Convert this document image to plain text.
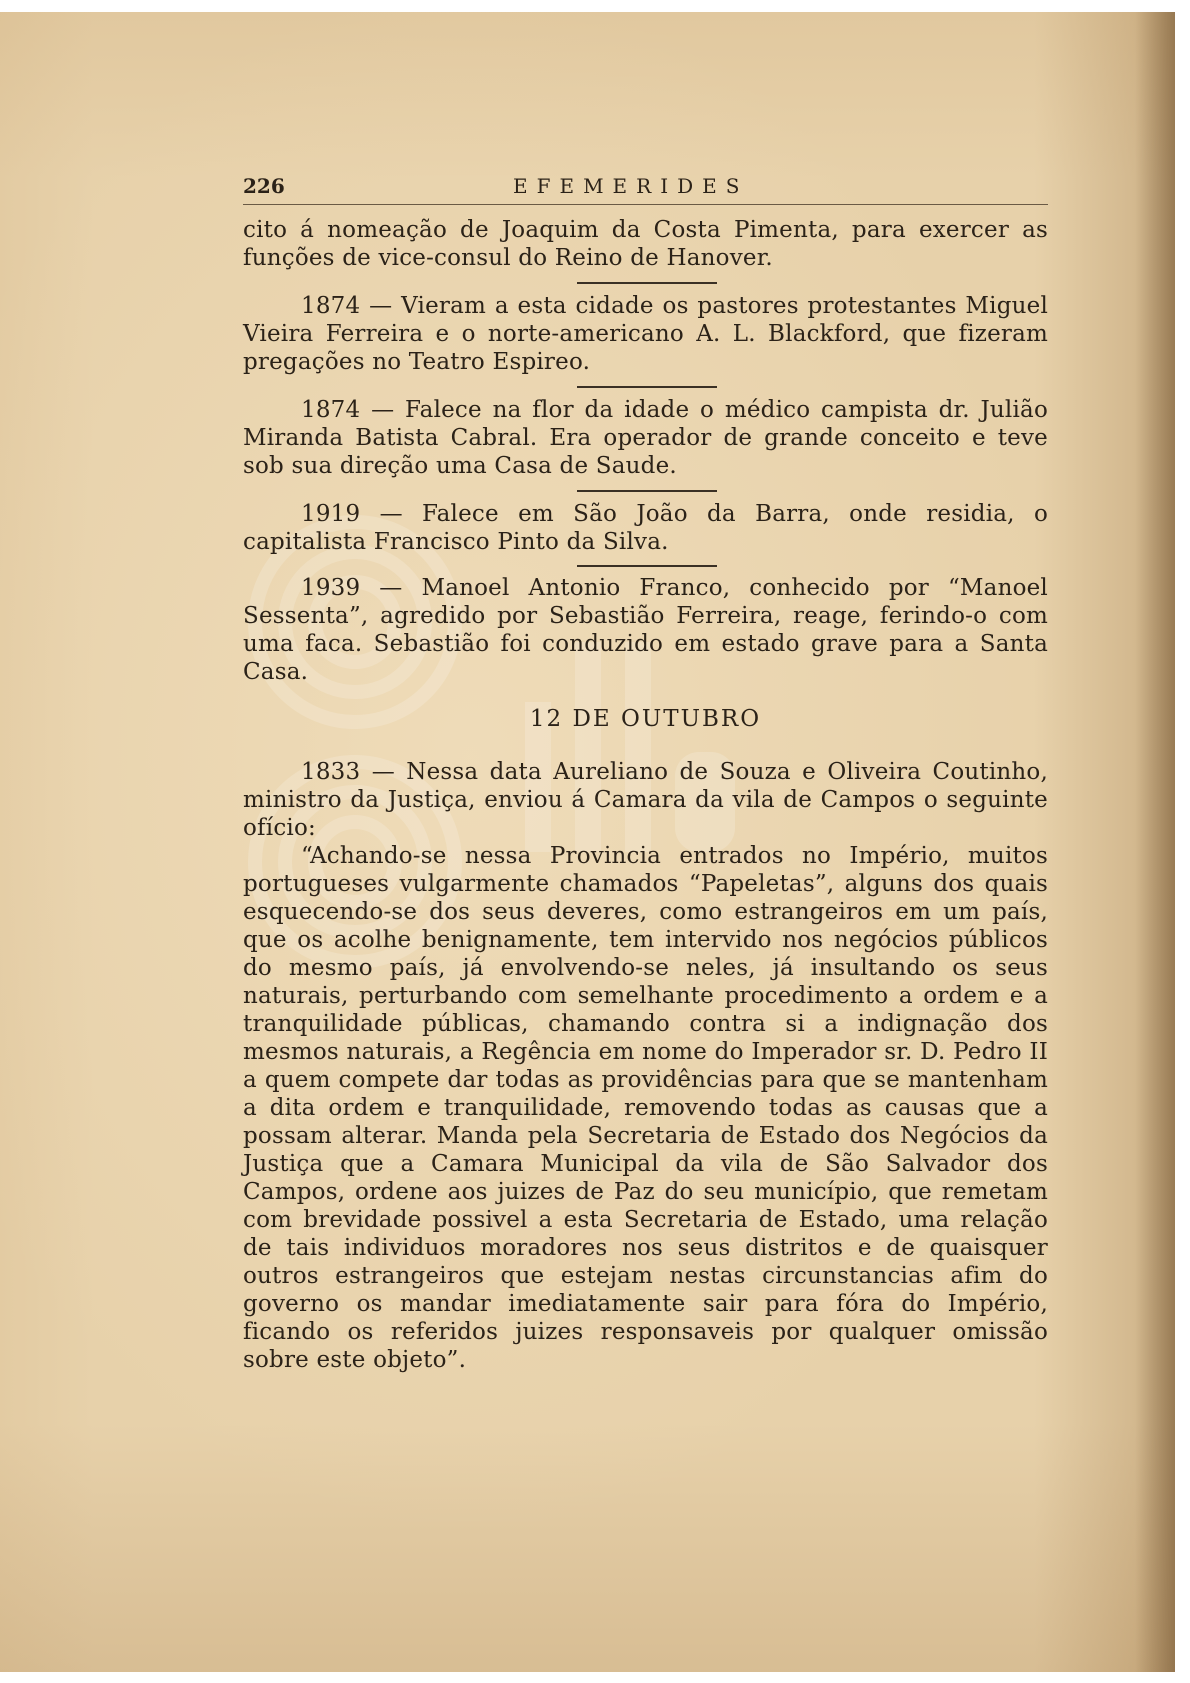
226	EFEMERIDES

cito á nomeação de Joaquim da Costa Pimenta, para exercer as funções de vice-consul do Reino de Hanover.

1874 — Vieram a esta cidade os pastores protestantes Miguel Vieira Ferreira e o norte-americano A. L. Blackford, que fizeram pregações no Teatro Espireo.

1874 — Falece na flor da idade o médico campista dr. Julião Miranda Batista Cabral. Era operador de grande conceito e teve sob sua direção uma Casa de Saude.

1919 — Falece em São João da Barra, onde residia, o capitalista Francisco Pinto da Silva.

1939 — Manoel Antonio Franco, conhecido por “Manoel Sessenta”, agredido por Sebastião Ferreira, reage, ferindo-o com uma faca. Sebastião foi conduzido em estado grave para a Santa Casa.

12 DE OUTUBRO

1833 — Nessa data Aureliano de Souza e Oliveira Coutinho, ministro da Justiça, enviou á Camara da vila de Campos o seguinte ofício:

“Achando-se nessa Provincia entrados no Império, muitos portugueses vulgarmente chamados “Papeletas”, alguns dos quais esquecendo-se dos seus deveres, como estrangeiros em um país, que os acolhe benignamente, tem intervido nos negócios públicos do mesmo país, já envolvendo-se neles, já insultando os seus naturais, perturbando com semelhante procedimento a ordem e a tranquilidade públicas, chamando contra si a indignação dos mesmos naturais, a Regência em nome do Imperador sr. D. Pedro II a quem compete dar todas as providências para que se mantenham a dita ordem e tranquilidade, removendo todas as causas que a possam alterar. Manda pela Secretaria de Estado dos Negócios da Justiça que a Camara Municipal da vila de São Salvador dos Campos, ordene aos juizes de Paz do seu município, que remetam com brevidade possivel a esta Secretaria de Estado, uma relação de tais individuos moradores nos seus distritos e de quaisquer outros estrangeiros que estejam nestas circunstancias afim do governo os mandar imediatamente sair para fóra do Império, ficando os referidos juizes responsaveis por qualquer omissão sobre este objeto”.
